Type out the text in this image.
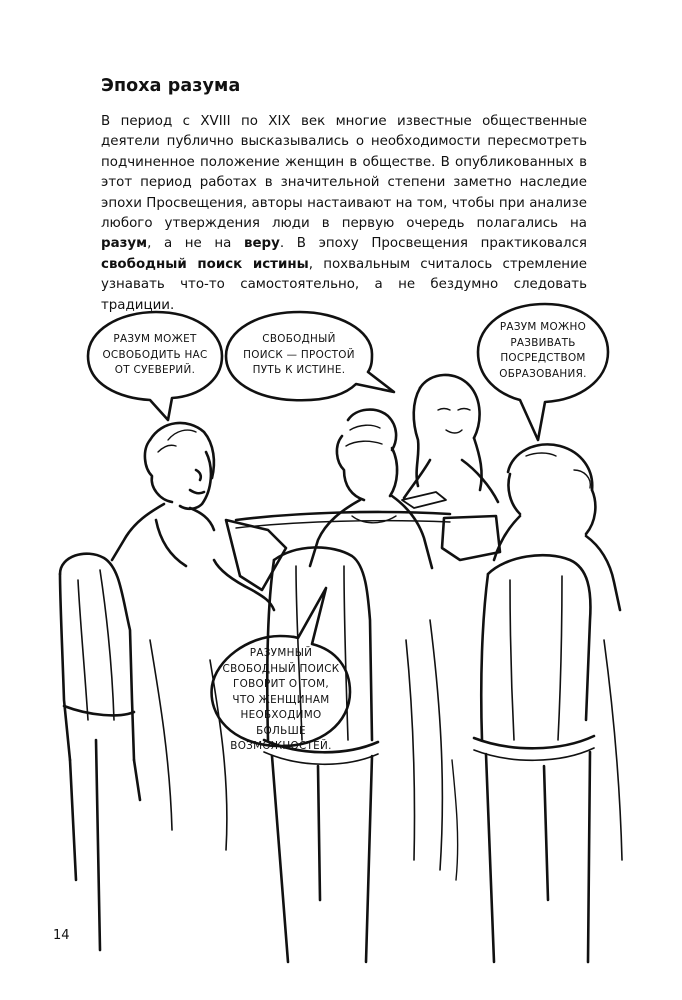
Эпоха разума

В период с XVIII по XIX век многие известные общественные деятели публично высказывались о необходимости пересмотреть подчиненное положение женщин в обществе. В опубликованных в этот период работах в значительной степени заметно наследие эпохи Просвещения, авторы настаивают на том, чтобы при анализе любого утверждения люди в первую очередь полагались на разум, а не на веру. В эпоху Просвещения практиковался свободный поиск истины, похвальным считалось стремление узнавать что-то самостоятельно, а не бездумно следовать традиции.

РАЗУМ МОЖЕТ
ОСВОБОДИТЬ НАС
ОТ СУЕВЕРИЙ.
СВОБОДНЫЙ
ПОИСК — ПРОСТОЙ
ПУТЬ К ИСТИНЕ.
РАЗУМ МОЖНО
РАЗВИВАТЬ
ПОСРЕДСТВОМ
ОБРАЗОВАНИЯ.
РАЗУМНЫЙ
СВОБОДНЫЙ ПОИСК
ГОВОРИТ О ТОМ,
ЧТО ЖЕНЩИНАМ
НЕОБХОДИМО БОЛЬШЕ
ВОЗМОЖНОСТЕЙ.
14
